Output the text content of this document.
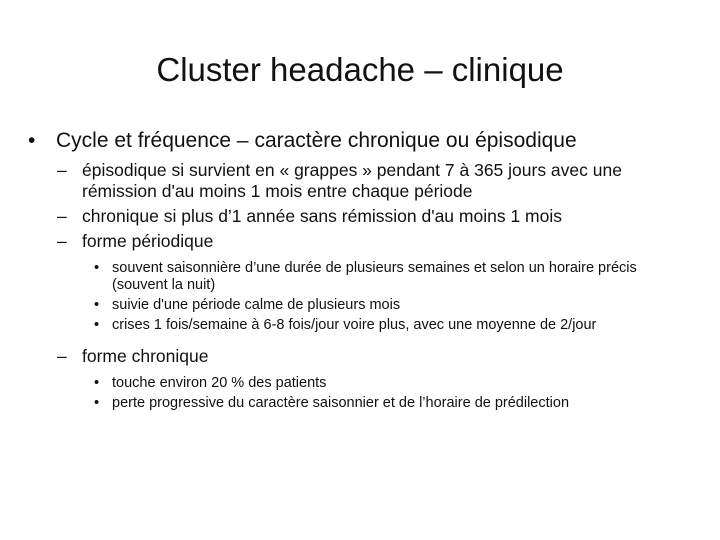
Cluster headache – clinique
• Cycle et fréquence – caractère chronique ou épisodique
– épisodique si survient en « grappes » pendant 7 à 365 jours avec une rémission d'au moins 1 mois entre chaque période
– chronique si plus d’1 année sans rémission d'au moins 1 mois
– forme périodique
• souvent saisonnière d’une durée de plusieurs semaines et selon un horaire précis (souvent la nuit)
• suivie d'une période calme de plusieurs mois
• crises 1 fois/semaine à 6-8 fois/jour voire plus, avec une moyenne de 2/jour
– forme chronique
• touche environ 20 % des patients
• perte progressive du caractère saisonnier et de l’horaire de prédilection
